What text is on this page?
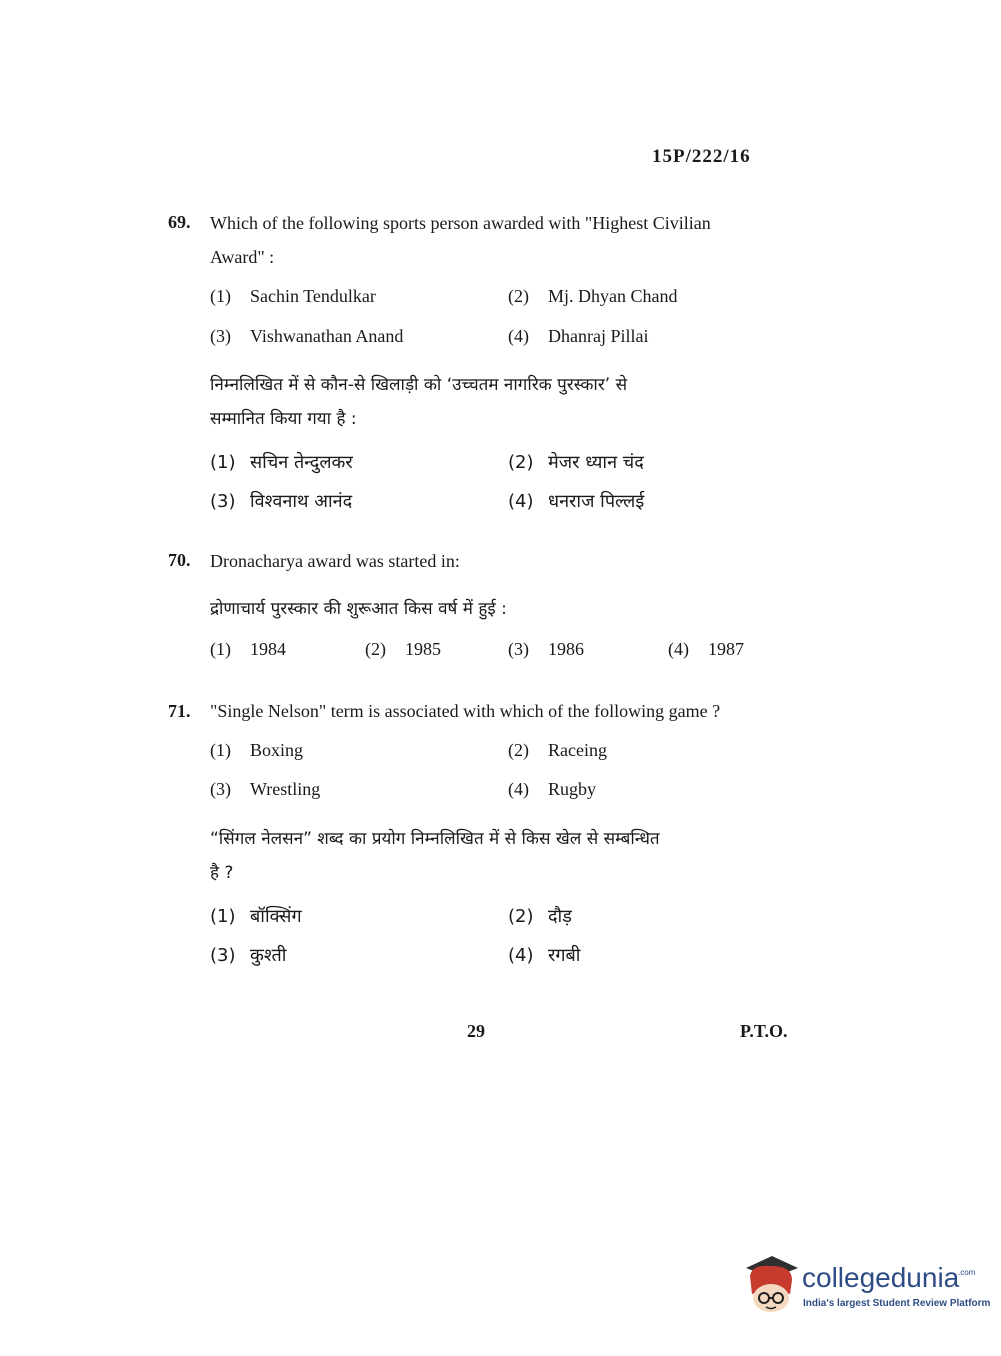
15P/222/16
69. Which of the following sports person awarded with "Highest Civilian
Award" :
(1) Sachin Tendulkar	(2) Mj. Dhyan Chand
(3) Vishwanathan Anand	(4) Dhanraj Pillai
निम्नलिखित में से कौन-से खिलाड़ी को ‘उच्चतम नागरिक पुरस्कार’ से
सम्मानित किया गया है :
(1) सचिन तेन्दुलकर	(2) मेजर ध्यान चंद
(3) विश्वनाथ आनंद	(4) धनराज पिल्लई
70. Dronacharya award was started in:
द्रोणाचार्य पुरस्कार की शुरूआत किस वर्ष में हुई :
(1) 1984	(2) 1985	(3) 1986	(4) 1987
71. "Single Nelson" term is associated with which of the following game ?
(1) Boxing	(2) Raceing
(3) Wrestling	(4) Rugby
“सिंगल नेलसन” शब्द का प्रयोग निम्नलिखित में से किस खेल से सम्बन्धित
है ?
(1) बॉक्सिंग	(2) दौड़
(3) कुश्ती	(4) रगबी
29	P.T.O.
collegedunia
.com
India's largest Student Review Platform
